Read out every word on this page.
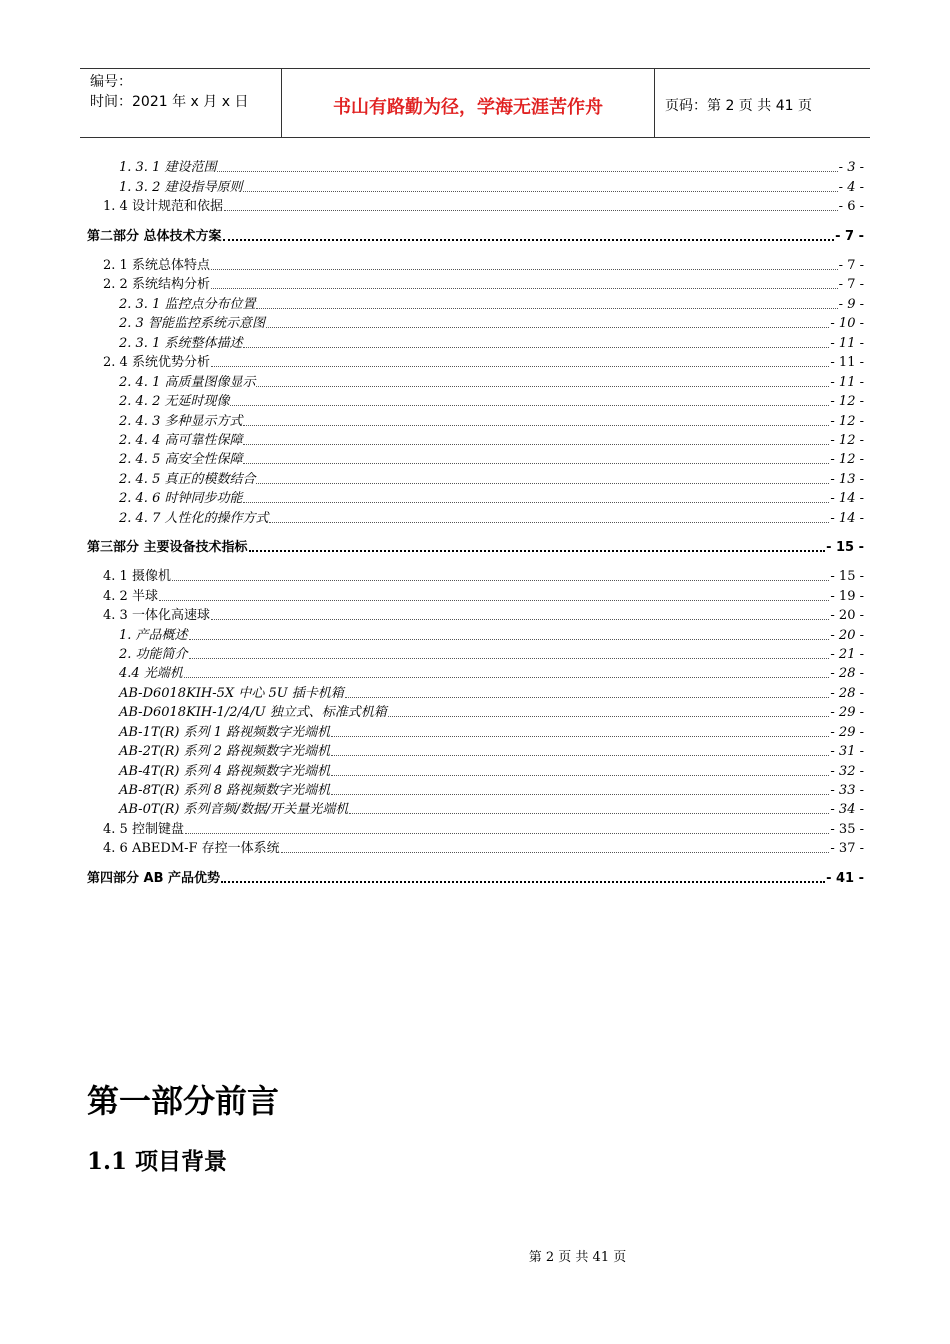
编号：
时间：2021 年 x 月 x 日	书山有路勤为径，学海无涯苦作舟	页码：第 2 页 共 41 页
1. 3. 1 建设范围	- 3 -
1. 3. 2 建设指导原则	- 4 -
1. 4 设计规范和依据	- 6 -
第二部分 总体技术方案	- 7 -
2. 1 系统总体特点	- 7 -
2. 2 系统结构分析	- 7 -
2. 3. 1 监控点分布位置	- 9 -
2. 3 智能监控系统示意图	- 10 -
2. 3. 1 系统整体描述	- 11 -
2. 4 系统优势分析	- 11 -
2. 4. 1 高质量图像显示	- 11 -
2. 4. 2 无延时现像	- 12 -
2. 4. 3 多种显示方式	- 12 -
2. 4. 4 高可靠性保障	- 12 -
2. 4. 5 高安全性保障	- 12 -
2. 4. 5 真正的模数结合	- 13 -
2. 4. 6 时钟同步功能	- 14 -
2. 4. 7 人性化的操作方式	- 14 -
第三部分 主要设备技术指标	- 15 -
4. 1 摄像机	- 15 -
4. 2 半球	- 19 -
4. 3 一体化高速球	- 20 -
1. 产品概述	- 20 -
2. 功能简介	- 21 -
4.4 光端机	- 28 -
AB-D6018KIH-5X 中心 5U 插卡机箱	- 28 -
AB-D6018KIH-1/2/4/U 独立式、标准式机箱	- 29 -
AB-1T(R) 系列 1 路视频数字光端机	- 29 -
AB-2T(R) 系列 2 路视频数字光端机	- 31 -
AB-4T(R) 系列 4 路视频数字光端机	- 32 -
AB-8T(R) 系列 8 路视频数字光端机	- 33 -
AB-0T(R) 系列音频/数据/开关量光端机	- 34 -
4. 5 控制键盘	- 35 -
4. 6 ABEDM-F 存控一体系统	- 37 -
第四部分 AB 产品优势	- 41 -
第一部分前言
1.1 项目背景
第 2 页 共 41 页
